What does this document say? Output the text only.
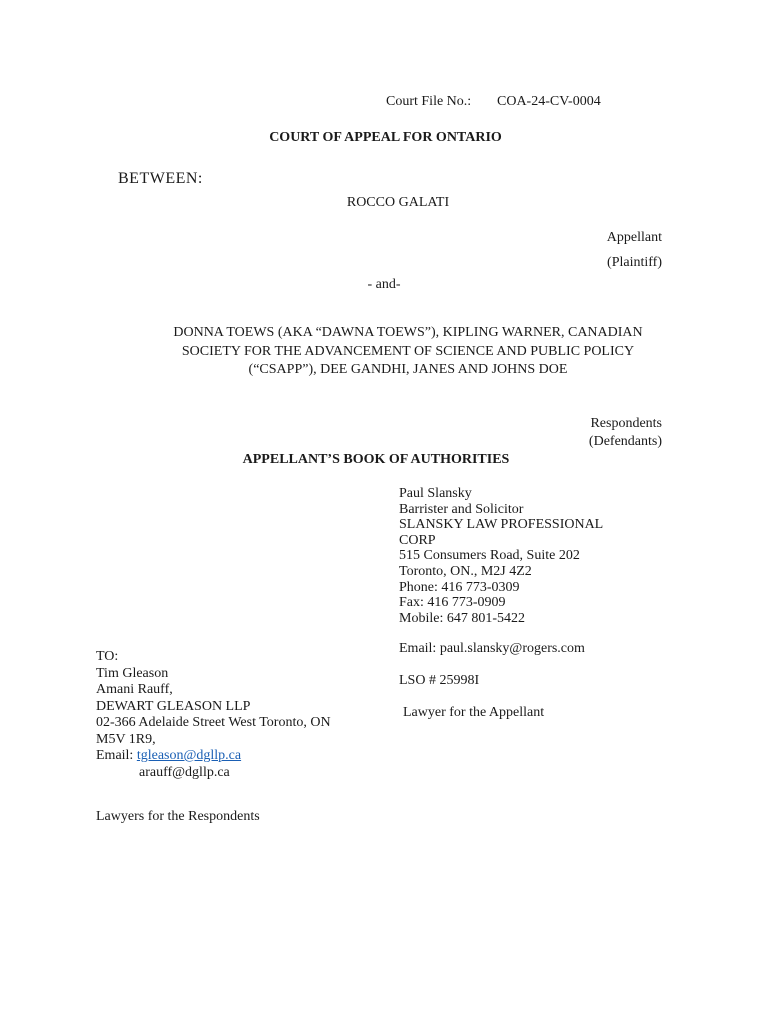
Court File No.: COA-24-CV-0004
COURT OF APPEAL FOR ONTARIO
BETWEEN:
ROCCO GALATI
Appellant
(Plaintiff)
- and-
DONNA TOEWS (AKA “DAWNA TOEWS”), KIPLING WARNER, CANADIAN
SOCIETY FOR THE ADVANCEMENT OF SCIENCE AND PUBLIC POLICY
(“CSAPP”), DEE GANDHI, JANES AND JOHNS DOE
Respondents
(Defendants)
APPELLANT’S BOOK OF AUTHORITIES
Paul Slansky
Barrister and Solicitor
SLANSKY LAW PROFESSIONAL
CORP
515 Consumers Road, Suite 202
Toronto, ON., M2J 4Z2
Phone: 416 773-0309
Fax: 416 773-0909
Mobile: 647 801-5422
Email: paul.slansky@rogers.com
LSO # 25998I
Lawyer for the Appellant
TO:
Tim Gleason
Amani Rauff,
DEWART GLEASON LLP
02-366 Adelaide Street West Toronto, ON
M5V 1R9,
Email: tgleason@dgllp.ca
arauff@dgllp.ca
Lawyers for the Respondents
